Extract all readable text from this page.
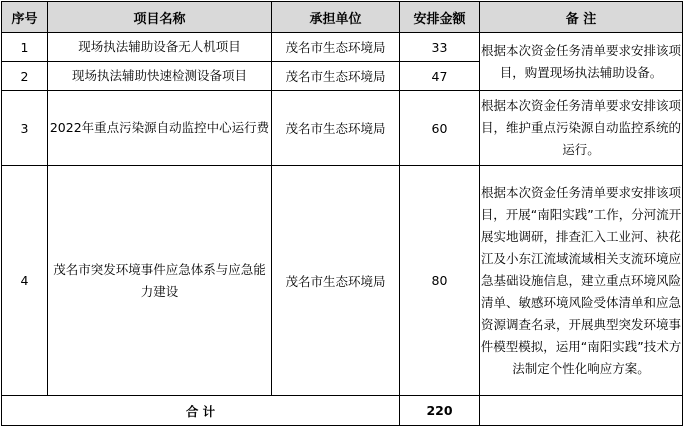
序号	项目名称	承担单位	安排金额	备 注
1	现场执法辅助设备无人机项目	茂名市生态环境局	33	根据本次资金任务清单要求安排该项目，购置现场执法辅助设备。
2	现场执法辅助快速检测设备项目	茂名市生态环境局	47	
3	2022年重点污染源自动监控中心运行费	茂名市生态环境局	60	根据本次资金任务清单要求安排该项目，维护重点污染源自动监控系统的运行。
4	茂名市突发环境事件应急体系与应急能力建设	茂名市生态环境局	80	根据本次资金任务清单要求安排该项目，开展“南阳实践”工作，分河流开展实地调研，排查汇入工业河、袂花江及小东江流域流域相关支流环境应急基础设施信息，建立重点环境风险清单、敏感环境风险受体清单和应急资源调查名录，开展典型突发环境事件模型模拟，运用“南阳实践”技术方法制定个性化响应方案。
合 计			220	
